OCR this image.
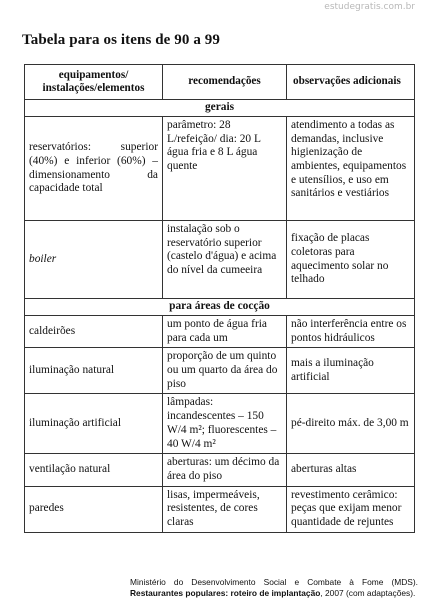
estudegratis.com.br
Tabela para os itens de 90 a 99
equipamentos/ instalações/elementos	recomendações	observações adicionais
gerais		
reservatórios: superior (40%) e inferior (60%) – dimensionamento da capacidade total	parâmetro: 28 L/refeição/ dia: 20 L água fria e 8 L água quente	atendimento a todas as demandas, inclusive higienização de ambientes, equipamentos e utensílios, e uso em sanitários e vestiários
boiler	instalação sob o reservatório superior (castelo d'água) e acima do nível da cumeeira	fixação de placas coletoras para aquecimento solar no telhado
para áreas de cocção		
caldeirões	um ponto de água fria para cada um	não interferência entre os pontos hidráulicos
iluminação natural	proporção de um quinto ou um quarto da área do piso	mais a iluminação artificial
iluminação artificial	lâmpadas: incandescentes – 150 W/4 m²; fluorescentes – 40 W/4 m²	pé-direito máx. de 3,00 m
ventilação natural	aberturas: um décimo da área do piso	aberturas altas
paredes	lisas, impermeáveis, resistentes, de cores claras	revestimento cerâmico: peças que exijam menor quantidade de rejuntes
Ministério do Desenvolvimento Social e Combate à Fome (MDS). Restaurantes populares: roteiro de implantação, 2007 (com adaptações).
